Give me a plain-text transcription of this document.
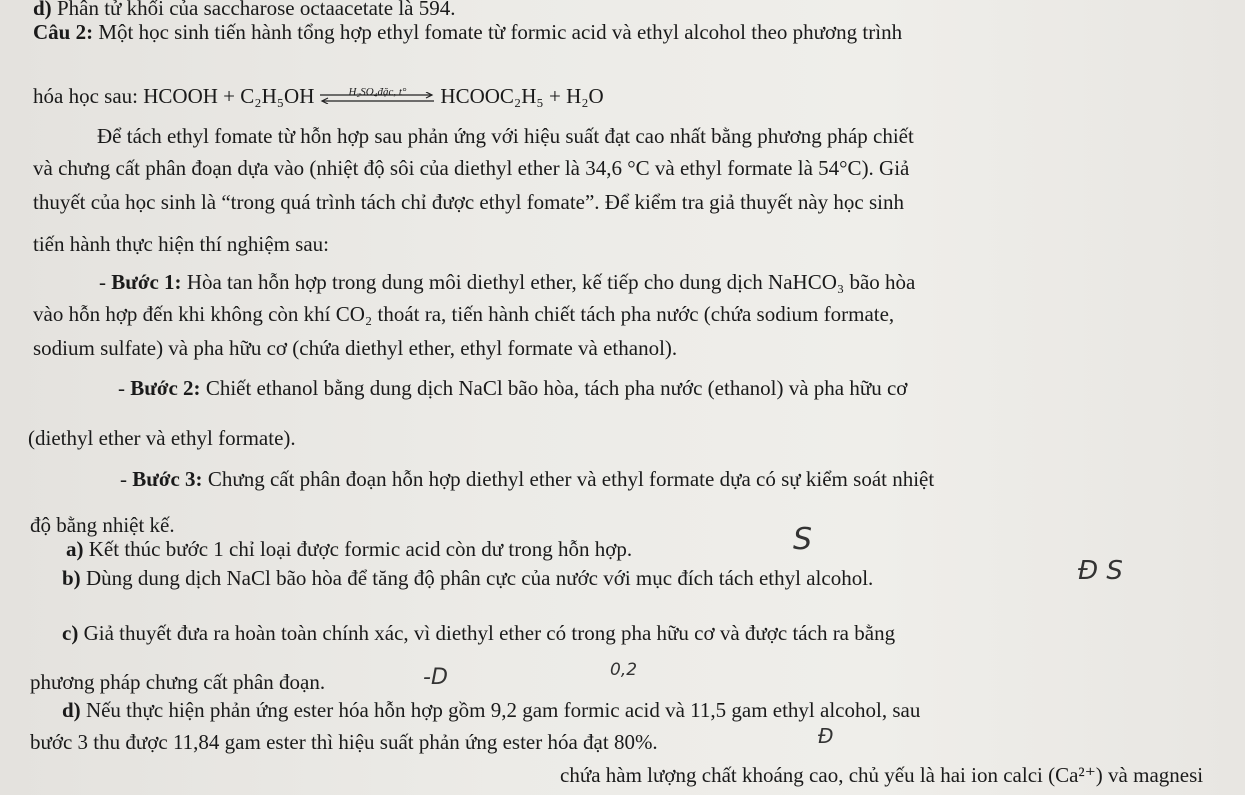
d) Phân tử khối của saccharose octaacetate là 594.
Câu 2: Một học sinh tiến hành tổng hợp ethyl fomate từ formic acid và ethyl alcohol theo phương trình
hóa học sau: HCOOH + C₂H₅OH	H₂SO₄đặc, t°	HCOOC₂H₅ + H₂O
Để tách ethyl fomate từ hỗn hợp sau phản ứng với hiệu suất đạt cao nhất bằng phương pháp chiết
và chưng cất phân đoạn dựa vào (nhiệt độ sôi của diethyl ether là 34,6 °C và ethyl formate là 54°C). Giả
thuyết của học sinh là “trong quá trình tách chỉ được ethyl fomate”. Để kiểm tra giả thuyết này học sinh
tiến hành thực hiện thí nghiệm sau:
- Bước 1: Hòa tan hỗn hợp trong dung môi diethyl ether, kế tiếp cho dung dịch NaHCO₃ bão hòa
vào hỗn hợp đến khi không còn khí CO₂ thoát ra, tiến hành chiết tách pha nước (chứa sodium formate,
sodium sulfate) và pha hữu cơ (chứa diethyl ether, ethyl formate và ethanol).
- Bước 2: Chiết ethanol bằng dung dịch NaCl bão hòa, tách pha nước (ethanol) và pha hữu cơ
(diethyl ether và ethyl formate).
- Bước 3: Chưng cất phân đoạn hỗn hợp diethyl ether và ethyl formate dựa có sự kiểm soát nhiệt
độ bằng nhiệt kế.
a) Kết thúc bước 1 chỉ loại được formic acid còn dư trong hỗn hợp.
b) Dùng dung dịch NaCl bão hòa để tăng độ phân cực của nước với mục đích tách ethyl alcohol.
c) Giả thuyết đưa ra hoàn toàn chính xác, vì diethyl ether có trong pha hữu cơ và được tách ra bằng
phương pháp chưng cất phân đoạn.
d) Nếu thực hiện phản ứng ester hóa hỗn hợp gồm 9,2 gam formic acid và 11,5 gam ethyl alcohol, sau
bước 3 thu được 11,84 gam ester thì hiệu suất phản ứng ester hóa đạt 80%.
chứa hàm lượng chất khoáng cao, chủ yếu là hai ion calci (Ca²⁺) và magnesi
S
Đ S
-D	0,2
Đ
